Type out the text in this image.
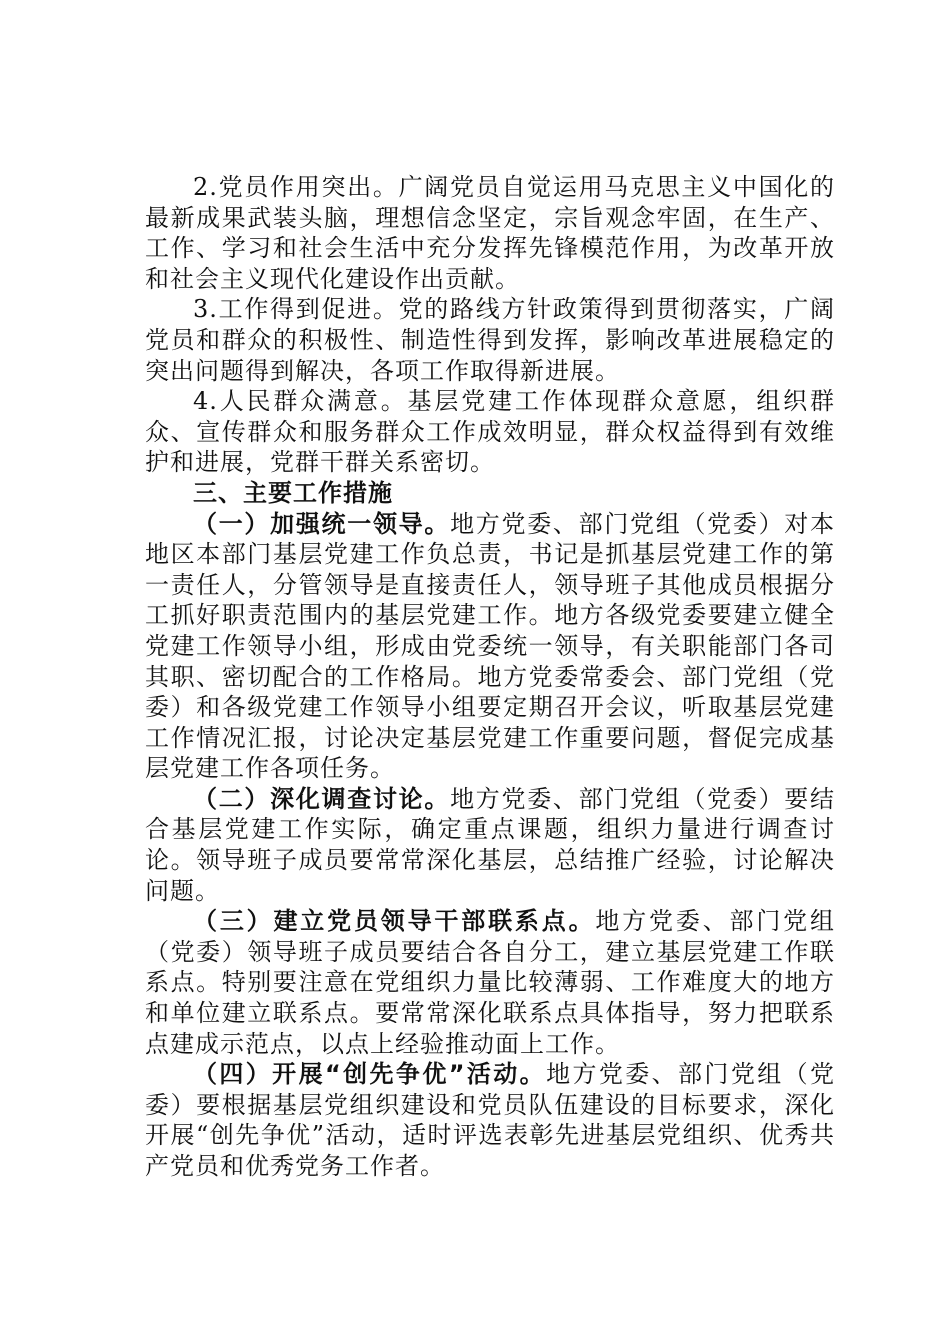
2.党员作用突出。广阔党员自觉运用马克思主义中国化的最新成果武装头脑，理想信念坚定，宗旨观念牢固，在生产、工作、学习和社会生活中充分发挥先锋模范作用，为改革开放和社会主义现代化建设作出贡献。

3.工作得到促进。党的路线方针政策得到贯彻落实，广阔党员和群众的积极性、制造性得到发挥，影响改革进展稳定的突出问题得到解决，各项工作取得新进展。

4.人民群众满意。基层党建工作体现群众意愿，组织群众、宣传群众和服务群众工作成效明显，群众权益得到有效维护和进展，党群干群关系密切。

三、主要工作措施

（一）加强统一领导。地方党委、部门党组（党委）对本地区本部门基层党建工作负总责，书记是抓基层党建工作的第一责任人，分管领导是直接责任人，领导班子其他成员根据分工抓好职责范围内的基层党建工作。地方各级党委要建立健全党建工作领导小组，形成由党委统一领导，有关职能部门各司其职、密切配合的工作格局。地方党委常委会、部门党组（党委）和各级党建工作领导小组要定期召开会议，听取基层党建工作情况汇报，讨论决定基层党建工作重要问题，督促完成基层党建工作各项任务。

（二）深化调查讨论。地方党委、部门党组（党委）要结合基层党建工作实际，确定重点课题，组织力量进行调查讨论。领导班子成员要常常深化基层，总结推广经验，讨论解决问题。

（三）建立党员领导干部联系点。地方党委、部门党组（党委）领导班子成员要结合各自分工，建立基层党建工作联系点。特别要注意在党组织力量比较薄弱、工作难度大的地方和单位建立联系点。要常常深化联系点具体指导，努力把联系点建成示范点，以点上经验推动面上工作。

（四）开展“创先争优”活动。地方党委、部门党组（党委）要根据基层党组织建设和党员队伍建设的目标要求，深化开展“创先争优”活动，适时评选表彰先进基层党组织、优秀共产党员和优秀党务工作者。
